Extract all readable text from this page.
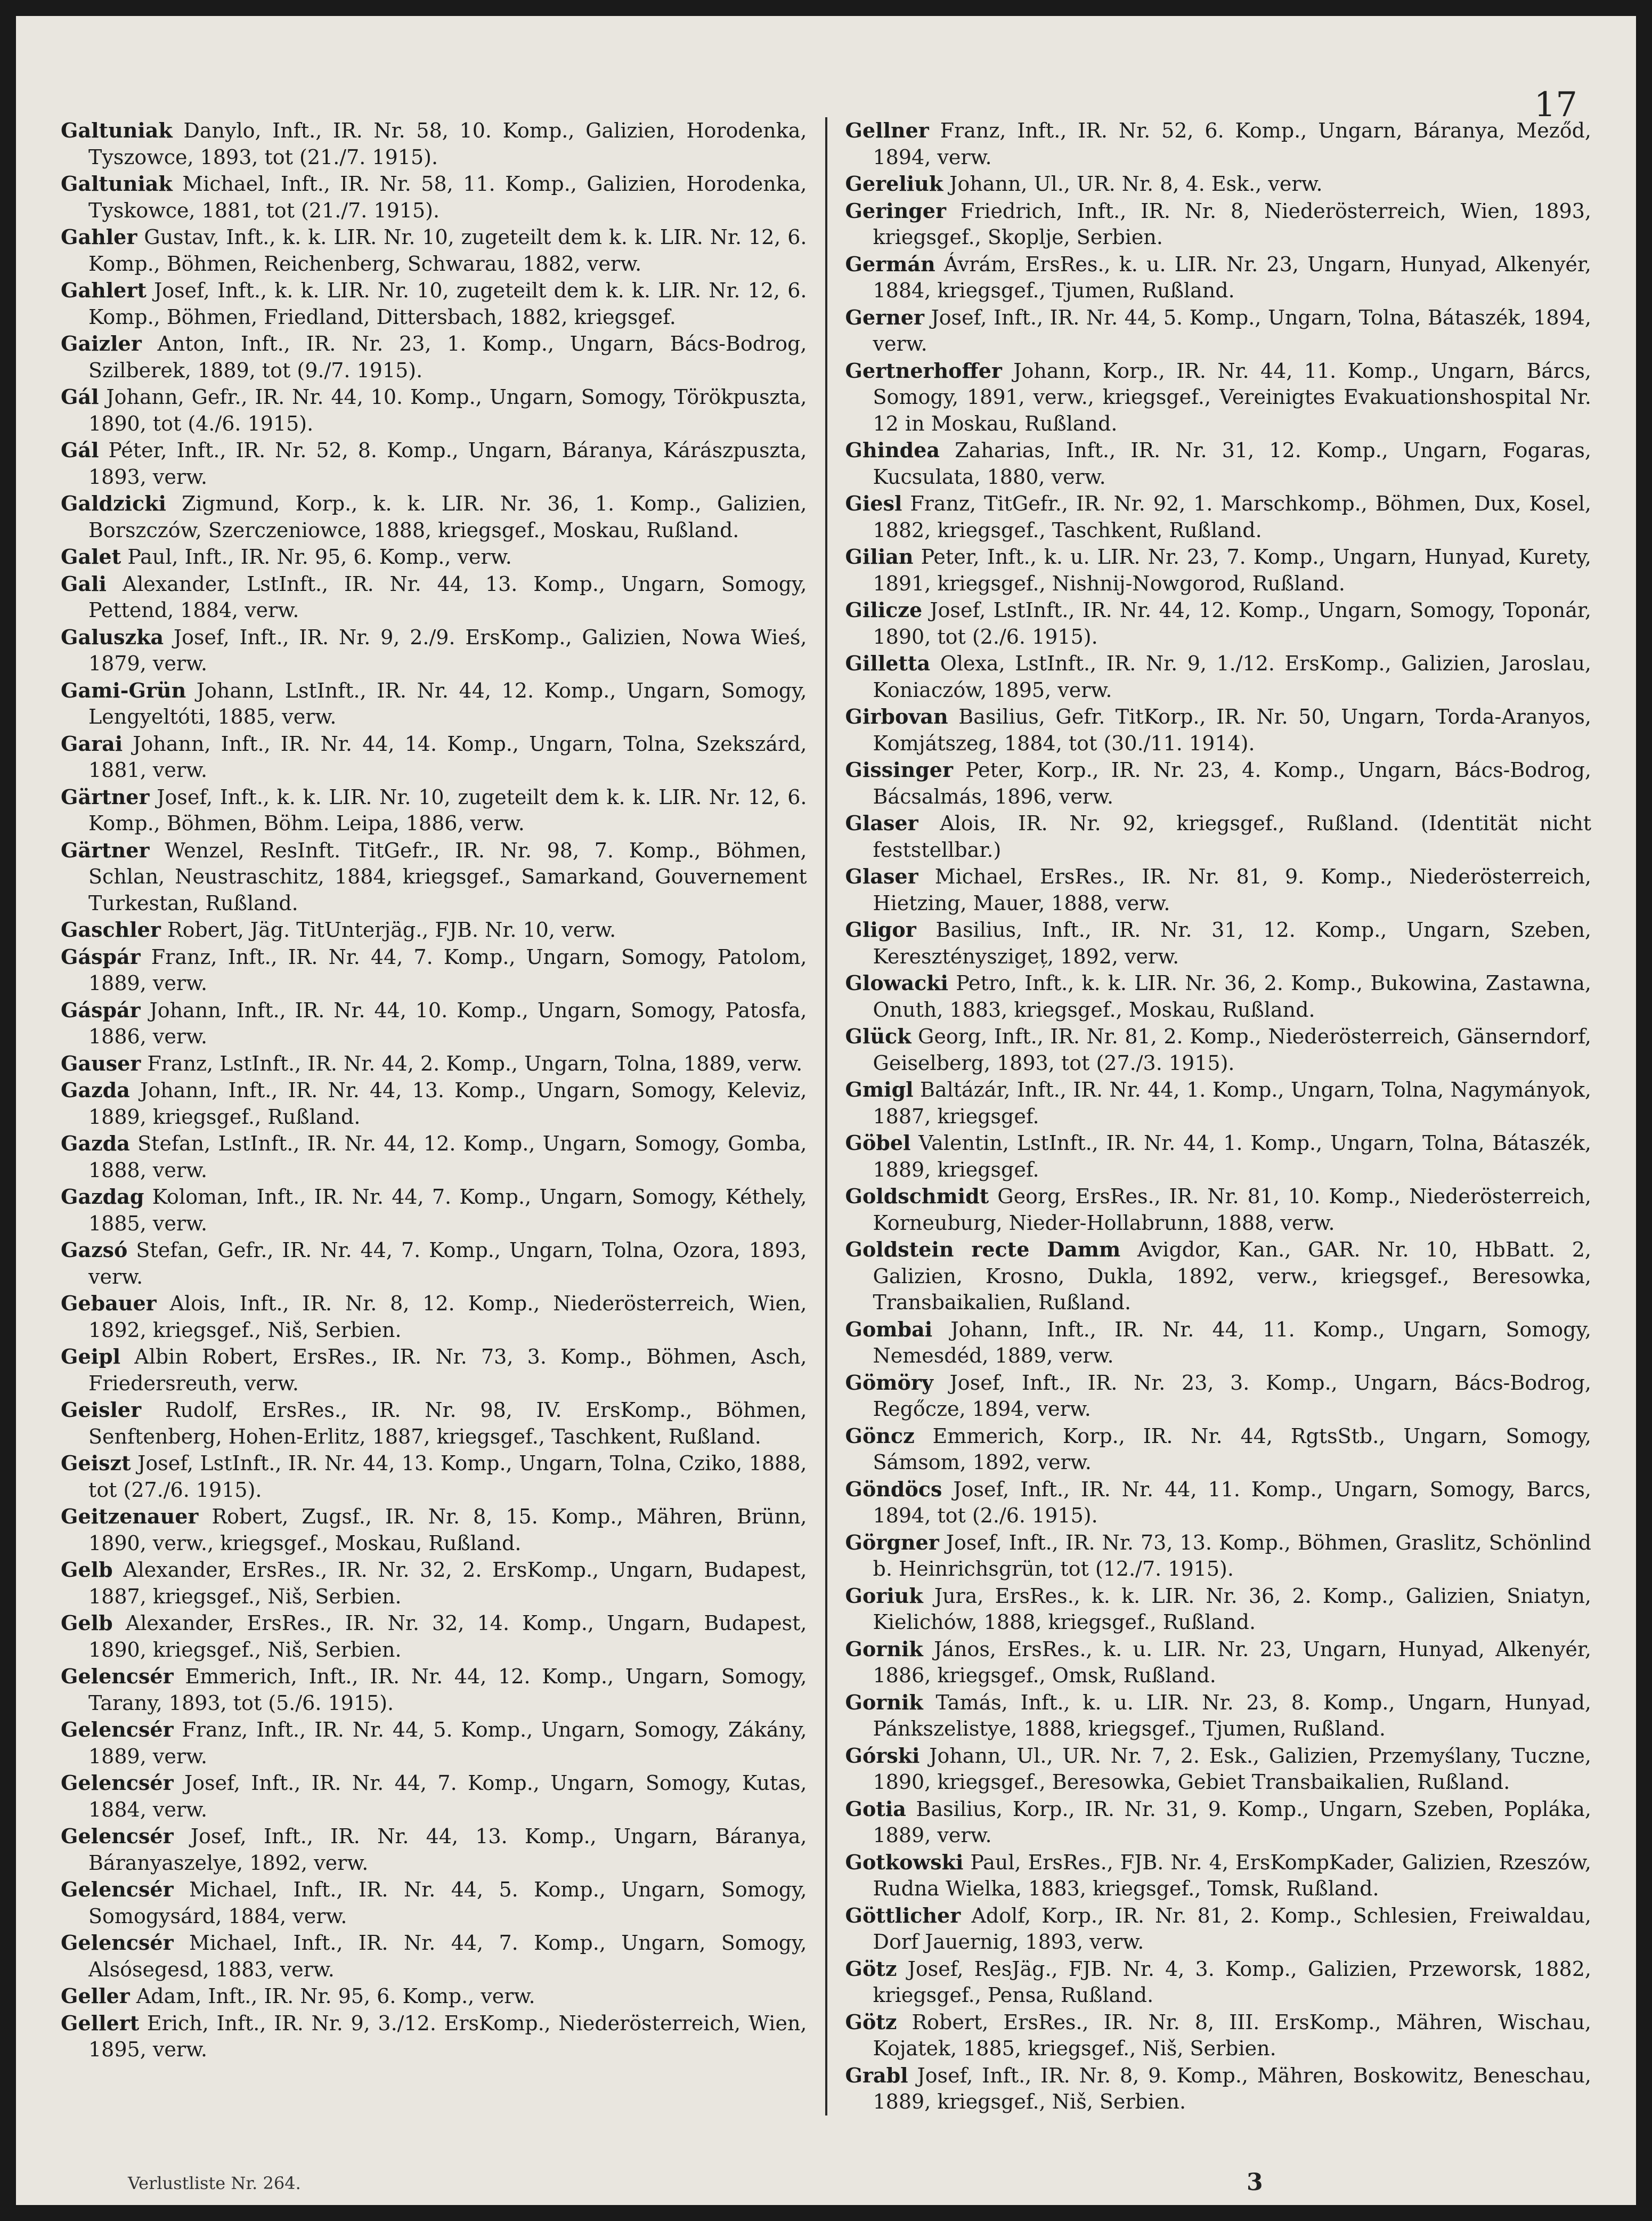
17

Galtuniak Danylo, Inft., IR. Nr. 58, 10. Komp., Galizien, Horodenka, Tyszowce, 1893, tot (21./7. 1915).

Galtuniak Michael, Inft., IR. Nr. 58, 11. Komp., Galizien, Horodenka, Tyskowce, 1881, tot (21./7. 1915).

Gahler Gustav, Inft., k. k. LIR. Nr. 10, zugeteilt dem k. k. LIR. Nr. 12, 6. Komp., Böhmen, Reichenberg, Schwarau, 1882, verw.

Gahlert Josef, Inft., k. k. LIR. Nr. 10, zugeteilt dem k. k. LIR. Nr. 12, 6. Komp., Böhmen, Friedland, Dittersbach, 1882, kriegsgef.

Gaizler Anton, Inft., IR. Nr. 23, 1. Komp., Ungarn, Bács-Bodrog, Szilberek, 1889, tot (9./7. 1915).

Gál Johann, Gefr., IR. Nr. 44, 10. Komp., Ungarn, Somogy, Törökpuszta, 1890, tot (4./6. 1915).

Gál Péter, Inft., IR. Nr. 52, 8. Komp., Ungarn, Báranya, Kárászpuszta, 1893, verw.

Galdzicki Zigmund, Korp., k. k. LIR. Nr. 36, 1. Komp., Galizien, Borszczów, Szerczeniowce, 1888, kriegsgef., Moskau, Rußland.

Galet Paul, Inft., IR. Nr. 95, 6. Komp., verw.

Gali Alexander, LstInft., IR. Nr. 44, 13. Komp., Ungarn, Somogy, Pettend, 1884, verw.

Galuszka Josef, Inft., IR. Nr. 9, 2./9. ErsKomp., Galizien, Nowa Wieś, 1879, verw.

Gami-Grün Johann, LstInft., IR. Nr. 44, 12. Komp., Ungarn, Somogy, Lengyeltóti, 1885, verw.

Garai Johann, Inft., IR. Nr. 44, 14. Komp., Ungarn, Tolna, Szekszárd, 1881, verw.

Gärtner Josef, Inft., k. k. LIR. Nr. 10, zugeteilt dem k. k. LIR. Nr. 12, 6. Komp., Böhmen, Böhm. Leipa, 1886, verw.

Gärtner Wenzel, ResInft. TitGefr., IR. Nr. 98, 7. Komp., Böhmen, Schlan, Neustraschitz, 1884, kriegsgef., Samarkand, Gouvernement Turkestan, Rußland.

Gaschler Robert, Jäg. TitUnterjäg., FJB. Nr. 10, verw.

Gáspár Franz, Inft., IR. Nr. 44, 7. Komp., Ungarn, Somogy, Patolom, 1889, verw.

Gáspár Johann, Inft., IR. Nr. 44, 10. Komp., Ungarn, Somogy, Patosfa, 1886, verw.

Gauser Franz, LstInft., IR. Nr. 44, 2. Komp., Ungarn, Tolna, 1889, verw.

Gazda Johann, Inft., IR. Nr. 44, 13. Komp., Ungarn, Somogy, Keleviz, 1889, kriegsgef., Rußland.

Gazda Stefan, LstInft., IR. Nr. 44, 12. Komp., Ungarn, Somogy, Gomba, 1888, verw.

Gazdag Koloman, Inft., IR. Nr. 44, 7. Komp., Ungarn, Somogy, Kéthely, 1885, verw.

Gazsó Stefan, Gefr., IR. Nr. 44, 7. Komp., Ungarn, Tolna, Ozora, 1893, verw.

Gebauer Alois, Inft., IR. Nr. 8, 12. Komp., Niederösterreich, Wien, 1892, kriegsgef., Niš, Serbien.

Geipl Albin Robert, ErsRes., IR. Nr. 73, 3. Komp., Böhmen, Asch, Friedersreuth, verw.

Geisler Rudolf, ErsRes., IR. Nr. 98, IV. ErsKomp., Böhmen, Senftenberg, Hohen-Erlitz, 1887, kriegsgef., Taschkent, Rußland.

Geiszt Josef, LstInft., IR. Nr. 44, 13. Komp., Ungarn, Tolna, Cziko, 1888, tot (27./6. 1915).

Geitzenauer Robert, Zugsf., IR. Nr. 8, 15. Komp., Mähren, Brünn, 1890, verw., kriegsgef., Moskau, Rußland.

Gelb Alexander, ErsRes., IR. Nr. 32, 2. ErsKomp., Ungarn, Budapest, 1887, kriegsgef., Niš, Serbien.

Gelb Alexander, ErsRes., IR. Nr. 32, 14. Komp., Ungarn, Budapest, 1890, kriegsgef., Niš, Serbien.

Gelencsér Emmerich, Inft., IR. Nr. 44, 12. Komp., Ungarn, Somogy, Tarany, 1893, tot (5./6. 1915).

Gelencsér Franz, Inft., IR. Nr. 44, 5. Komp., Ungarn, Somogy, Zákány, 1889, verw.

Gelencsér Josef, Inft., IR. Nr. 44, 7. Komp., Ungarn, Somogy, Kutas, 1884, verw.

Gelencsér Josef, Inft., IR. Nr. 44, 13. Komp., Ungarn, Báranya, Báranyaszelye, 1892, verw.

Gelencsér Michael, Inft., IR. Nr. 44, 5. Komp., Ungarn, Somogy, Somogysárd, 1884, verw.

Gelencsér Michael, Inft., IR. Nr. 44, 7. Komp., Ungarn, Somogy, Alsósegesd, 1883, verw.

Geller Adam, Inft., IR. Nr. 95, 6. Komp., verw.

Gellert Erich, Inft., IR. Nr. 9, 3./12. ErsKomp., Niederösterreich, Wien, 1895, verw.

Gellner Franz, Inft., IR. Nr. 52, 6. Komp., Ungarn, Báranya, Meződ, 1894, verw.

Gereliuk Johann, Ul., UR. Nr. 8, 4. Esk., verw.

Geringer Friedrich, Inft., IR. Nr. 8, Niederösterreich, Wien, 1893, kriegsgef., Skoplje, Serbien.

Germán Ávrám, ErsRes., k. u. LIR. Nr. 23, Ungarn, Hunyad, Alkenyér, 1884, kriegsgef., Tjumen, Rußland.

Gerner Josef, Inft., IR. Nr. 44, 5. Komp., Ungarn, Tolna, Bátaszék, 1894, verw.

Gertnerhoffer Johann, Korp., IR. Nr. 44, 11. Komp., Ungarn, Bárcs, Somogy, 1891, verw., kriegsgef., Vereinigtes Evakuationshospital Nr. 12 in Moskau, Rußland.

Ghindea Zaharias, Inft., IR. Nr. 31, 12. Komp., Ungarn, Fogaras, Kucsulata, 1880, verw.

Giesl Franz, TitGefr., IR. Nr. 92, 1. Marschkomp., Böhmen, Dux, Kosel, 1882, kriegsgef., Taschkent, Rußland.

Gilian Peter, Inft., k. u. LIR. Nr. 23, 7. Komp., Ungarn, Hunyad, Kurety, 1891, kriegsgef., Nishnij-Nowgorod, Rußland.

Gilicze Josef, LstInft., IR. Nr. 44, 12. Komp., Ungarn, Somogy, Toponár, 1890, tot (2./6. 1915).

Gilletta Olexa, LstInft., IR. Nr. 9, 1./12. ErsKomp., Galizien, Jaroslau, Koniaczów, 1895, verw.

Girbovan Basilius, Gefr. TitKorp., IR. Nr. 50, Ungarn, Torda-Aranyos, Komjátszeg, 1884, tot (30./11. 1914).

Gissinger Peter, Korp., IR. Nr. 23, 4. Komp., Ungarn, Bács-Bodrog, Bácsalmás, 1896, verw.

Glaser Alois, IR. Nr. 92, kriegsgef., Rußland. (Identität nicht feststellbar.)

Glaser Michael, ErsRes., IR. Nr. 81, 9. Komp., Niederösterreich, Hietzing, Mauer, 1888, verw.

Gligor Basilius, Inft., IR. Nr. 31, 12. Komp., Ungarn, Szeben, Keresztényszigeț, 1892, verw.

Glowacki Petro, Inft., k. k. LIR. Nr. 36, 2. Komp., Bukowina, Zastawna, Onuth, 1883, kriegsgef., Moskau, Rußland.

Glück Georg, Inft., IR. Nr. 81, 2. Komp., Niederösterreich, Gänserndorf, Geiselberg, 1893, tot (27./3. 1915).

Gmigl Baltázár, Inft., IR. Nr. 44, 1. Komp., Ungarn, Tolna, Nagymányok, 1887, kriegsgef.

Göbel Valentin, LstInft., IR. Nr. 44, 1. Komp., Ungarn, Tolna, Bátaszék, 1889, kriegsgef.

Goldschmidt Georg, ErsRes., IR. Nr. 81, 10. Komp., Niederösterreich, Korneuburg, Nieder-Hollabrunn, 1888, verw.

Goldstein recte Damm Avigdor, Kan., GAR. Nr. 10, HbBatt. 2, Galizien, Krosno, Dukla, 1892, verw., kriegsgef., Beresowka, Transbaikalien, Rußland.

Gombai Johann, Inft., IR. Nr. 44, 11. Komp., Ungarn, Somogy, Nemesdéd, 1889, verw.

Gömöry Josef, Inft., IR. Nr. 23, 3. Komp., Ungarn, Bács-Bodrog, Regőcze, 1894, verw.

Göncz Emmerich, Korp., IR. Nr. 44, RgtsStb., Ungarn, Somogy, Sámsom, 1892, verw.

Göndöcs Josef, Inft., IR. Nr. 44, 11. Komp., Ungarn, Somogy, Barcs, 1894, tot (2./6. 1915).

Görgner Josef, Inft., IR. Nr. 73, 13. Komp., Böhmen, Graslitz, Schönlind b. Heinrichsgrün, tot (12./7. 1915).

Goriuk Jura, ErsRes., k. k. LIR. Nr. 36, 2. Komp., Galizien, Sniatyn, Kielichów, 1888, kriegsgef., Rußland.

Gornik János, ErsRes., k. u. LIR. Nr. 23, Ungarn, Hunyad, Alkenyér, 1886, kriegsgef., Omsk, Rußland.

Gornik Tamás, Inft., k. u. LIR. Nr. 23, 8. Komp., Ungarn, Hunyad, Pánkszelistye, 1888, kriegsgef., Tjumen, Rußland.

Górski Johann, Ul., UR. Nr. 7, 2. Esk., Galizien, Przemyślany, Tuczne, 1890, kriegsgef., Beresowka, Gebiet Transbaikalien, Rußland.

Gotia Basilius, Korp., IR. Nr. 31, 9. Komp., Ungarn, Szeben, Popláka, 1889, verw.

Gotkowski Paul, ErsRes., FJB. Nr. 4, ErsKompKader, Galizien, Rzeszów, Rudna Wielka, 1883, kriegsgef., Tomsk, Rußland.

Göttlicher Adolf, Korp., IR. Nr. 81, 2. Komp., Schlesien, Freiwaldau, Dorf Jauernig, 1893, verw.

Götz Josef, ResJäg., FJB. Nr. 4, 3. Komp., Galizien, Przeworsk, 1882, kriegsgef., Pensa, Rußland.

Götz Robert, ErsRes., IR. Nr. 8, III. ErsKomp., Mähren, Wischau, Kojatek, 1885, kriegsgef., Niš, Serbien.

Grabl Josef, Inft., IR. Nr. 8, 9. Komp., Mähren, Boskowitz, Beneschau, 1889, kriegsgef., Niš, Serbien.

Verlustliste Nr. 264.	3
